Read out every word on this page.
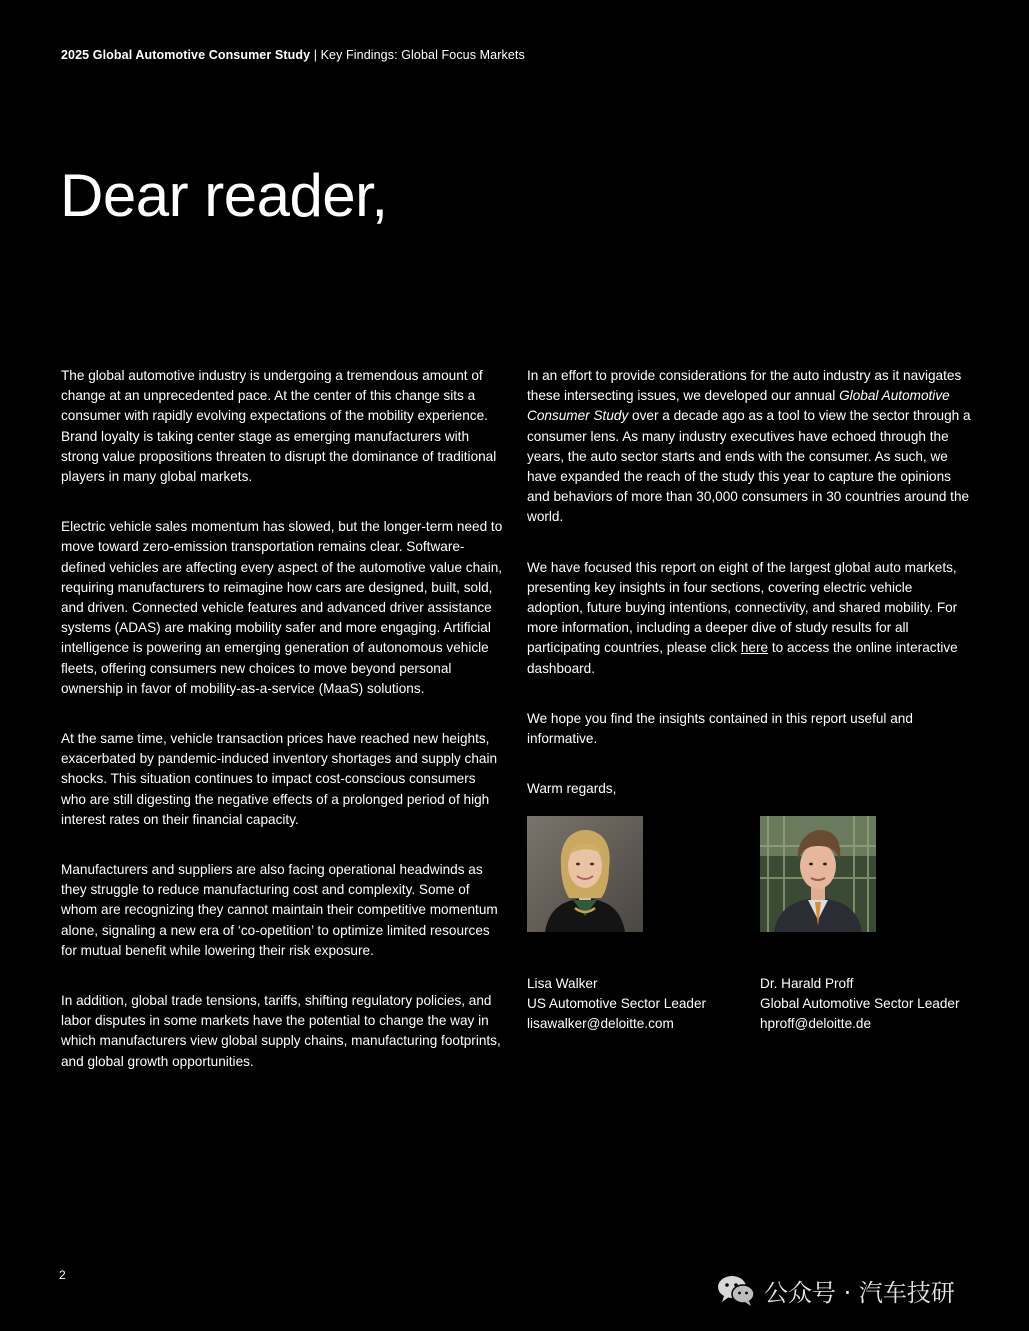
2025 Global Automotive Consumer Study | Key Findings: Global Focus Markets
Dear reader,

The global automotive industry is undergoing a tremendous amount of change at an unprecedented pace. At the center of this change sits a consumer with rapidly evolving expectations of the mobility experience. Brand loyalty is taking center stage as emerging manufacturers with strong value propositions threaten to disrupt the dominance of traditional players in many global markets.

Electric vehicle sales momentum has slowed, but the longer-term need to move toward zero-emission transportation remains clear. Software-defined vehicles are affecting every aspect of the automotive value chain, requiring manufacturers to reimagine how cars are designed, built, sold, and driven. Connected vehicle features and advanced driver assistance systems (ADAS) are making mobility safer and more engaging. Artificial intelligence is powering an emerging generation of autonomous vehicle fleets, offering consumers new choices to move beyond personal ownership in favor of mobility-as-a-service (MaaS) solutions.

At the same time, vehicle transaction prices have reached new heights, exacerbated by pandemic-induced inventory shortages and supply chain shocks. This situation continues to impact cost-conscious consumers who are still digesting the negative effects of a prolonged period of high interest rates on their financial capacity.

Manufacturers and suppliers are also facing operational headwinds as they struggle to reduce manufacturing cost and complexity. Some of whom are recognizing they cannot maintain their competitive momentum alone, signaling a new era of ‘co-opetition’ to optimize limited resources for mutual benefit while lowering their risk exposure.

In addition, global trade tensions, tariffs, shifting regulatory policies, and labor disputes in some markets have the potential to change the way in which manufacturers view global supply chains, manufacturing footprints, and global growth opportunities.

In an effort to provide considerations for the auto industry as it navigates these intersecting issues, we developed our annual Global Automotive Consumer Study over a decade ago as a tool to view the sector through a consumer lens. As many industry executives have echoed through the years, the auto sector starts and ends with the consumer. As such, we have expanded the reach of the study this year to capture the opinions and behaviors of more than 30,000 consumers in 30 countries around the world.

We have focused this report on eight of the largest global auto markets, presenting key insights in four sections, covering electric vehicle adoption, future buying intentions, connectivity, and shared mobility. For more information, including a deeper dive of study results for all participating countries, please click here to access the online interactive dashboard.

We hope you find the insights contained in this report useful and informative.

Warm regards,

Lisa Walker
US Automotive Sector Leader
lisawalker@deloitte.com
Dr. Harald Proff
Global Automotive Sector Leader
hproff@deloitte.de
2
公众号 · 汽车技研
